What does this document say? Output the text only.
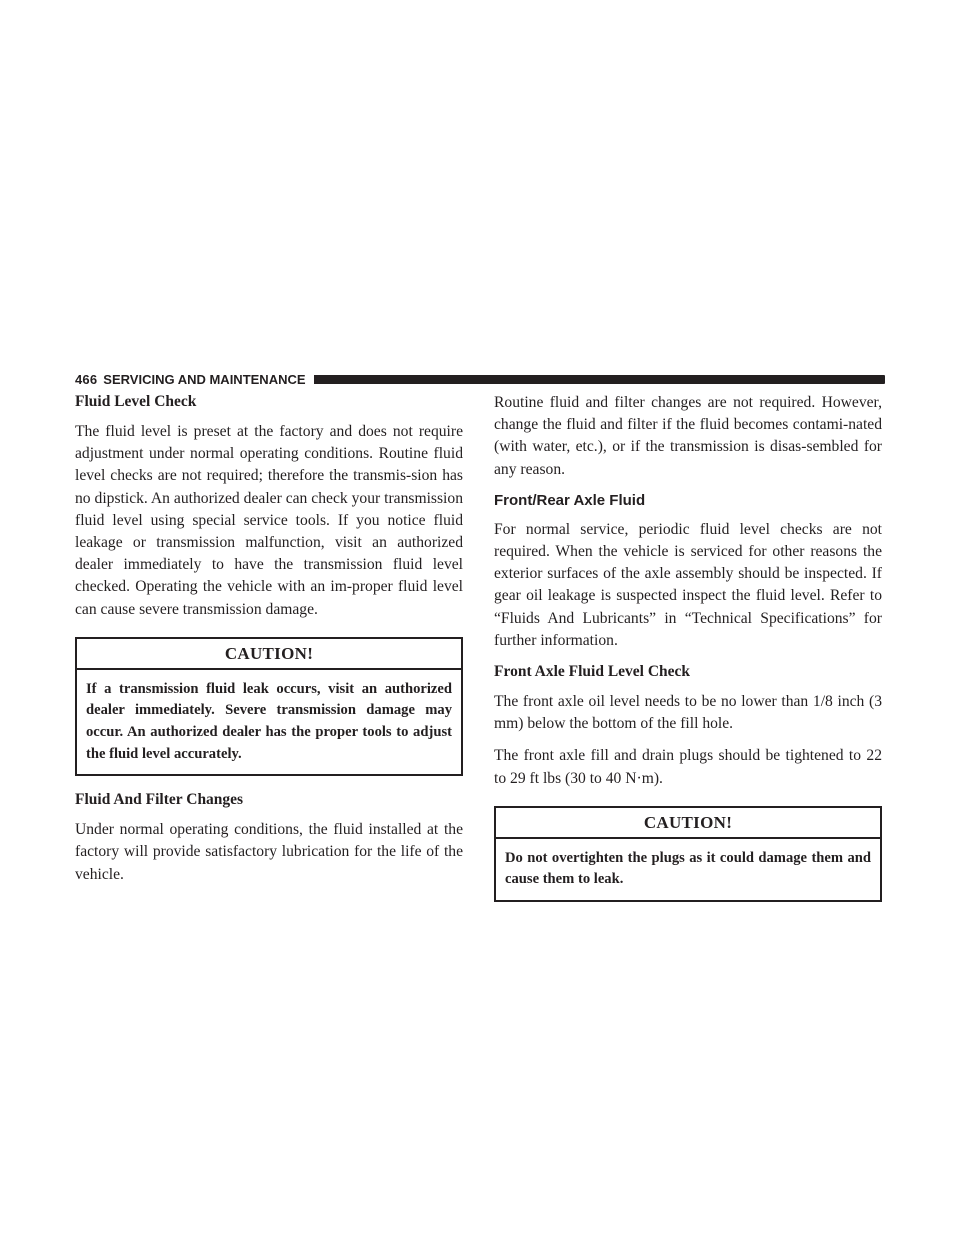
466 SERVICING AND MAINTENANCE
Fluid Level Check

The fluid level is preset at the factory and does not require adjustment under normal operating conditions. Routine fluid level checks are not required; therefore the transmis-sion has no dipstick. An authorized dealer can check your transmission fluid level using special service tools. If you notice fluid leakage or transmission malfunction, visit an authorized dealer immediately to have the transmission fluid level checked. Operating the vehicle with an im-proper fluid level can cause severe transmission damage.

CAUTION!
If a transmission fluid leak occurs, visit an authorized dealer immediately. Severe transmission damage may occur. An authorized dealer has the proper tools to adjust the fluid level accurately.
Fluid And Filter Changes

Under normal operating conditions, the fluid installed at the factory will provide satisfactory lubrication for the life of the vehicle.

Routine fluid and filter changes are not required. However, change the fluid and filter if the fluid becomes contami-nated (with water, etc.), or if the transmission is disas-sembled for any reason.

Front/Rear Axle Fluid

For normal service, periodic fluid level checks are not required. When the vehicle is serviced for other reasons the exterior surfaces of the axle assembly should be inspected. If gear oil leakage is suspected inspect the fluid level. Refer to “Fluids And Lubricants” in “Technical Specifications” for further information.

Front Axle Fluid Level Check

The front axle oil level needs to be no lower than 1/8 inch (3 mm) below the bottom of the fill hole.

The front axle fill and drain plugs should be tightened to 22 to 29 ft lbs (30 to 40 N·m).

CAUTION!
Do not overtighten the plugs as it could damage them and cause them to leak.
